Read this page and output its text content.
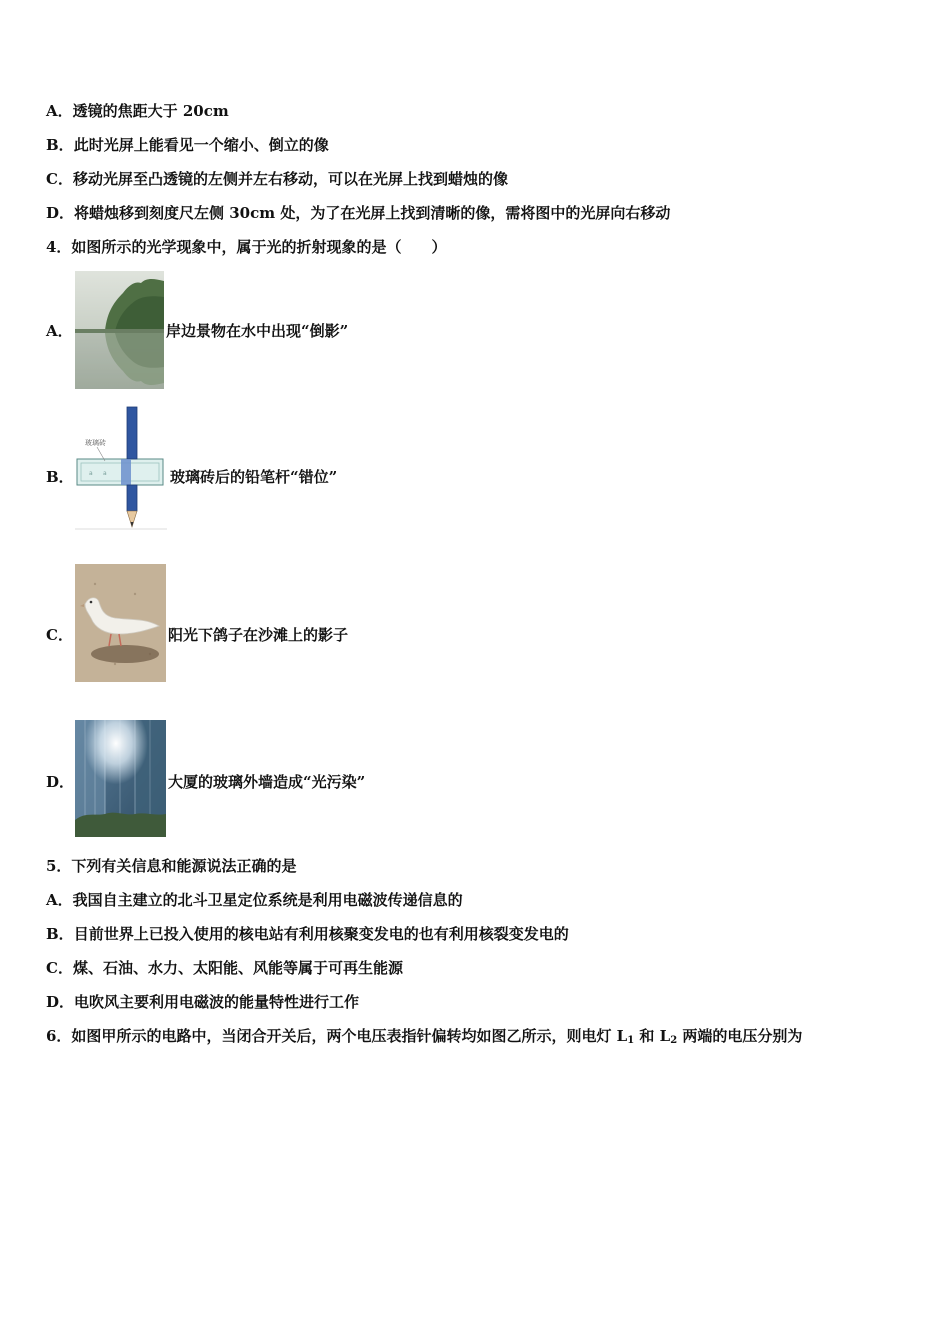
A．透镜的焦距大于 20cm
B．此时光屏上能看见一个缩小、倒立的像
C．移动光屏至凸透镜的左侧并左右移动，可以在光屏上找到蜡烛的像
D．将蜡烛移到刻度尺左侧 30cm 处，为了在光屏上找到清晰的像，需将图中的光屏向右移动
4．如图所示的光学现象中，属于光的折射现象的是（　　）
A．	岸边景物在水中出现“倒影”
B．	a a
玻璃砖
玻璃砖后的铅笔杆“错位”
C．	阳光下鸽子在沙滩上的影子
D．	大厦的玻璃外墙造成“光污染”
5．下列有关信息和能源说法正确的是
A．我国自主建立的北斗卫星定位系统是利用电磁波传递信息的
B．目前世界上已投入使用的核电站有利用核聚变发电的也有利用核裂变发电的
C．煤、石油、水力、太阳能、风能等属于可再生能源
D．电吹风主要利用电磁波的能量特性进行工作
6．如图甲所示的电路中，当闭合开关后，两个电压表指针偏转均如图乙所示，则电灯 $L_1$ 和 $L_2$ 两端的电压分别为
